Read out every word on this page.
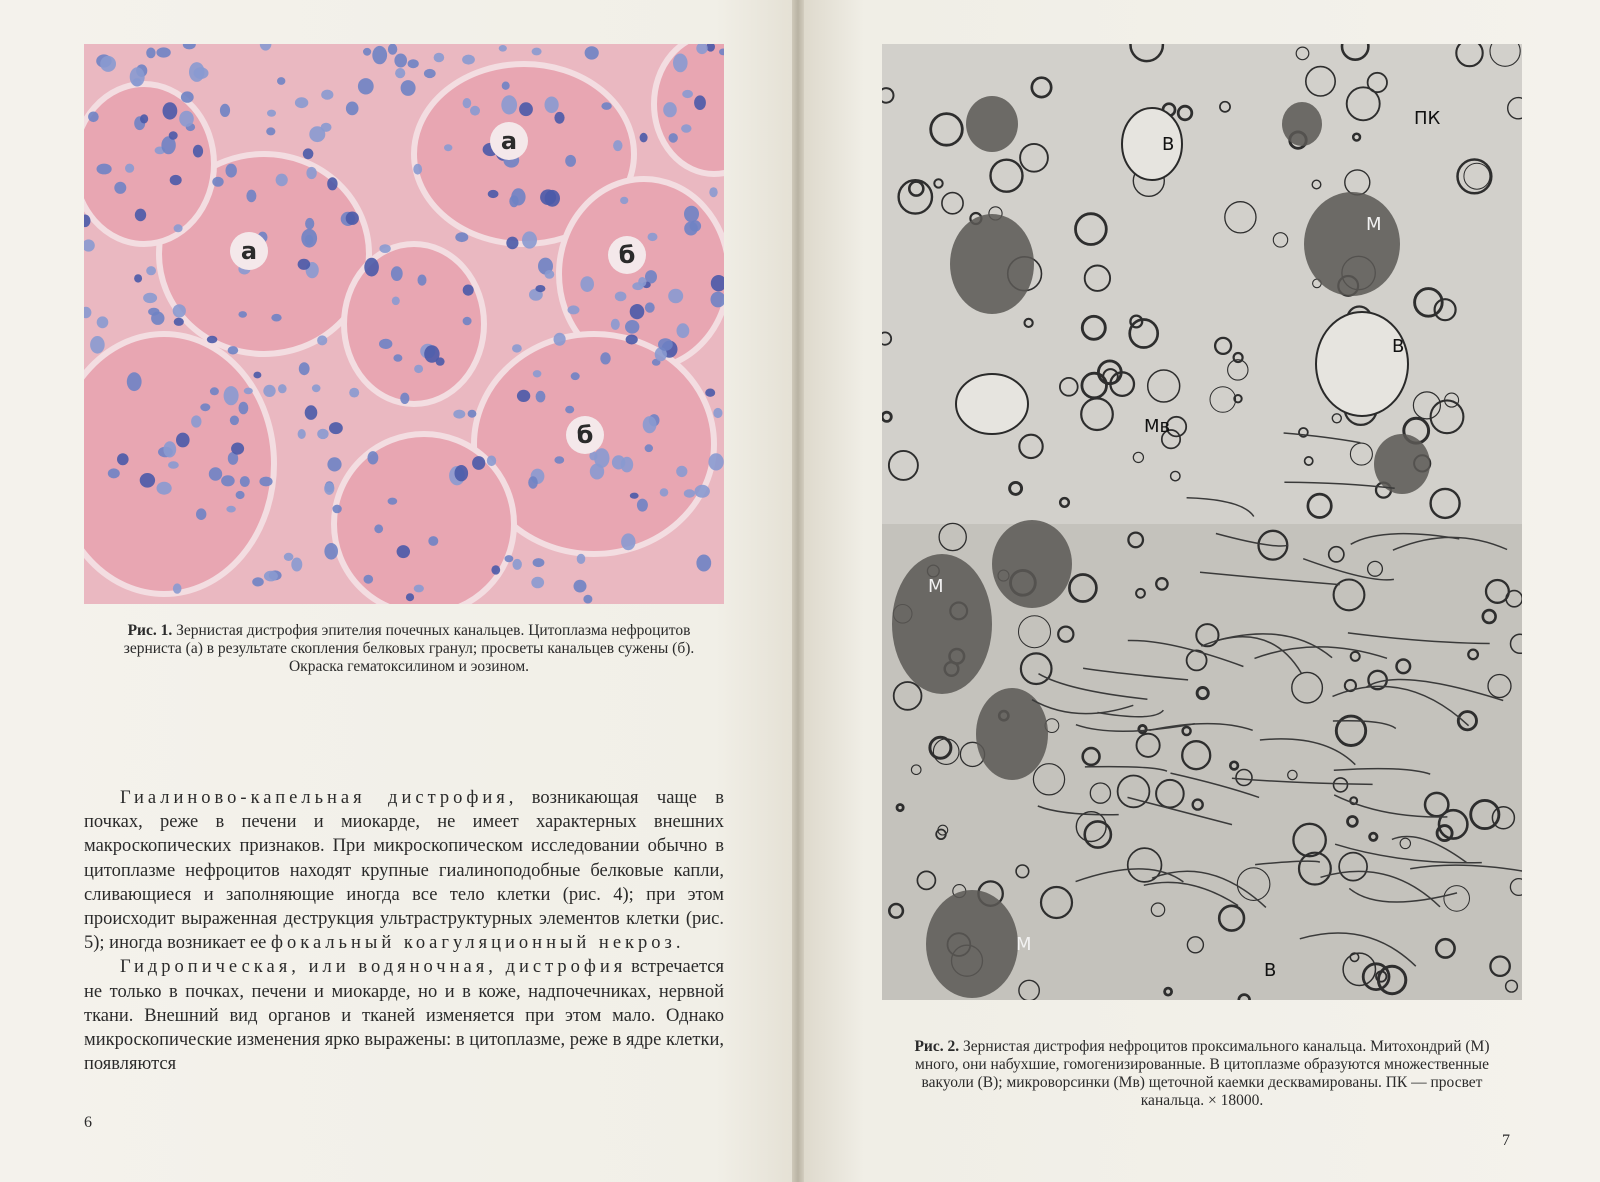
а
а	б
б
Рис. 1. Зернистая дистрофия эпителия почечных канальцев. Цитоплазма нефроцитов зерниста (а) в результате скопления белковых гранул; просветы канальцев сужены (б). Окраска гематоксилином и эозином.

Гиалиново-капельная дистрофия, возникающая чаще в почках, реже в печени и миокарде, не имеет характерных внешних макроскопических признаков. При микроскопическом исследовании обычно в цитоплазме нефроцитов находят крупные гиалиноподобные белковые капли, сливающиеся и заполняющие иногда все тело клетки (рис. 4); при этом происходит выраженная деструкция ультраструктурных элементов клетки (рис. 5); иногда возникает ее фокальный коагуляционный некроз.

Гидропическая, или водяночная, дистрофия встречается не только в почках, печени и миокарде, но и в коже, надпочечниках, нервной ткани. Внешний вид органов и тканей изменяется при этом мало. Однако микроскопические изменения ярко выражены: в цитоплазме, реже в ядре клетки, появляются

6
ПК
В
М
В
Мв
М
М
В
Рис. 2. Зернистая дистрофия нефроцитов проксимального канальца. Митохондрий (М) много, они набухшие, гомогенизированные. В цитоплазме образуются множественные вакуоли (В); микроворсинки (Мв) щеточной каемки десквамированы. ПК — просвет канальца. × 18000.
7
